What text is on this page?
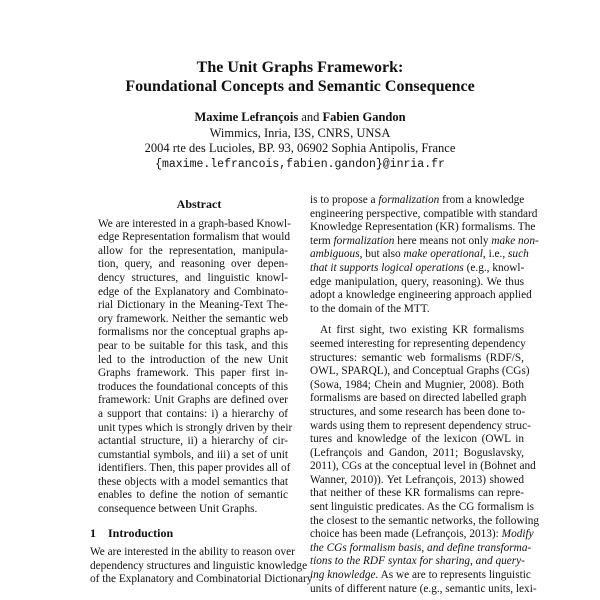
The Unit Graphs Framework:
Foundational Concepts and Semantic Consequence
Maxime Lefrançois and Fabien Gandon
Wimmics, Inria, I3S, CNRS, UNSA
2004 rte des Lucioles, BP. 93, 06902 Sophia Antipolis, France
{maxime.lefrancois,fabien.gandon}@inria.fr
Abstract
We are interested in a graph-based Knowl-
edge Representation formalism that would
allow for the representation, manipula-
tion, query, and reasoning over depen-
dency structures, and linguistic knowl-
edge of the Explanatory and Combinato-
rial Dictionary in the Meaning-Text The-
ory framework. Neither the semantic web
formalisms nor the conceptual graphs ap-
pear to be suitable for this task, and this
led to the introduction of the new Unit
Graphs framework. This paper first in-
troduces the foundational concepts of this
framework: Unit Graphs are defined over
a support that contains: i) a hierarchy of
unit types which is strongly driven by their
actantial structure, ii) a hierarchy of cir-
cumstantial symbols, and iii) a set of unit
identifiers. Then, this paper provides all of
these objects with a model semantics that
enables to define the notion of semantic
consequence between Unit Graphs.
1 Introduction
We are interested in the ability to reason over
dependency structures and linguistic knowledge
of the Explanatory and Combinatorial Dictionary
is to propose a formalization from a knowledge
engineering perspective, compatible with standard
Knowledge Representation (KR) formalisms. The
term formalization here means not only make non-
ambiguous, but also make operational, i.e., such
that it supports logical operations (e.g., knowl-
edge manipulation, query, reasoning). We thus
adopt a knowledge engineering approach applied
to the domain of the MTT.
At first sight, two existing KR formalisms
seemed interesting for representing dependency
structures: semantic web formalisms (RDF/S,
OWL, SPARQL), and Conceptual Graphs (CGs)
(Sowa, 1984; Chein and Mugnier, 2008). Both
formalisms are based on directed labelled graph
structures, and some research has been done to-
wards using them to represent dependency struc-
tures and knowledge of the lexicon (OWL in
(Lefrançois and Gandon, 2011; Boguslavsky,
2011), CGs at the conceptual level in (Bohnet and
Wanner, 2010)). Yet Lefrançois, 2013) showed
that neither of these KR formalisms can repre-
sent linguistic predicates. As the CG formalism is
the closest to the semantic networks, the following
choice has been made (Lefrançois, 2013): Modify
the CGs formalism basis, and define transforma-
tions to the RDF syntax for sharing, and query-
ing knowledge. As we are to represents linguistic
units of different nature (e.g., semantic units, lexi-
